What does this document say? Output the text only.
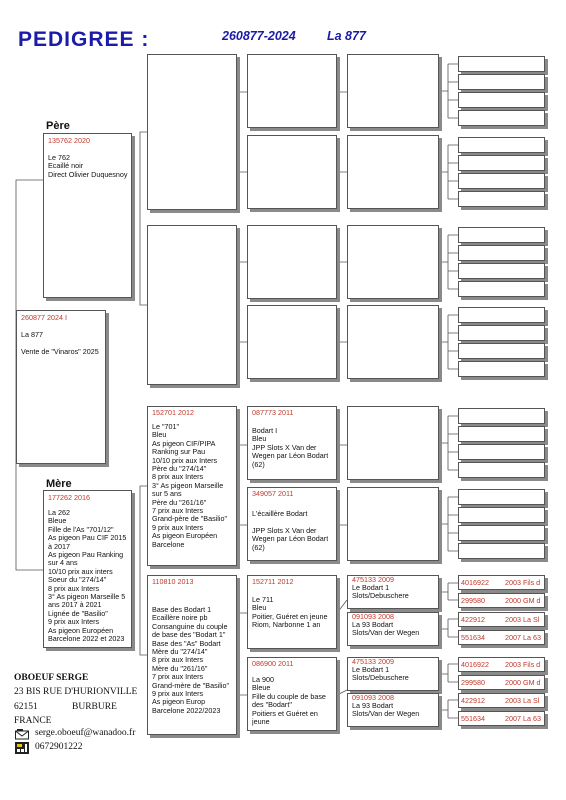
PEDIGREE :	260877-2024	La 877
260877 2024 I
La 877

Vente de "Vinaros" 2025
Père
135762 2020
Le 762
Ecaillé noir
Direct Olivier Duquesnoy
Mère
177262 2016
La 262
Bleue
Fille de l'As "701/12"
As pigeon Pau CIF 2015
à 2017
As pigeon Pau Ranking
sur 4 ans
10/10 prix aux inters
Soeur du "274/14"
8 prix aux Inters
3° As pigeon Marseille 5
ans 2017 à 2021
Lignée de "Basilio"
9 prix aux Inters
As pigeon Européen
Barcelone 2022 et 2023
152701 2012
Le "701"
Bleu
As pigeon CIF/PIPA
Ranking sur Pau
10/10 prix aux Inters
Père du "274/14"
8 prix aux Inters
3° As pigeon Marseille
sur 5 ans
Père du "261/16"
7 prix aux Inters
Grand-père de "Basilio"
9 prix aux Inters
As pigeon Européen
Barcelone
110810 2013
Base des Bodart 1
Ecaillère noire pb
Consanguine du couple
de base des "Bodart 1"
Base des "As" Bodart
Mère du "274/14"
8 prix aux Inters
Mère du "261/16"
7 prix aux Inters
Grand-mère de "Basilio"
9 prix aux Inters
As pigeon Europ
Barcelone 2022/2023
087773 2011
Bodart I
Bleu
JPP Slots X Van der
Wegen par Léon Bodart
(62)
349057 2011
L'écaillère Bodart

JPP Slots X Van der
Wegen par Léon Bodart
(62)
152711 2012
Le 711
Bleu
Poitier, Guéret en jeune
Riom, Narbonne 1 an
086900 2011
La 900
Bleue
Fille du couple de base
des "Bodart"
Poitiers et Guéret en
jeune
475133 2009
Le Bodart 1
Slots/Debuschere
091093 2008
La 93 Bodart
Slots/Van der Wegen
475133 2009
Le Bodart 1
Slots/Debuschere
091093 2008
La 93 Bodart
Slots/Van der Wegen
4016922 2003 Fils d
299580	2000 GM d
422912	2003 La Sl
551634	2007 La 63
4016922 2003 Fils d
299580	2000 GM d
422912	2003 La Sl
551634	2007 La 63
OBOEUF SERGE
23 BIS RUE D'HURIONVILLE
62151	BURBURE
FRANCE
serge.oboeuf@wanadoo.fr
0672901222
